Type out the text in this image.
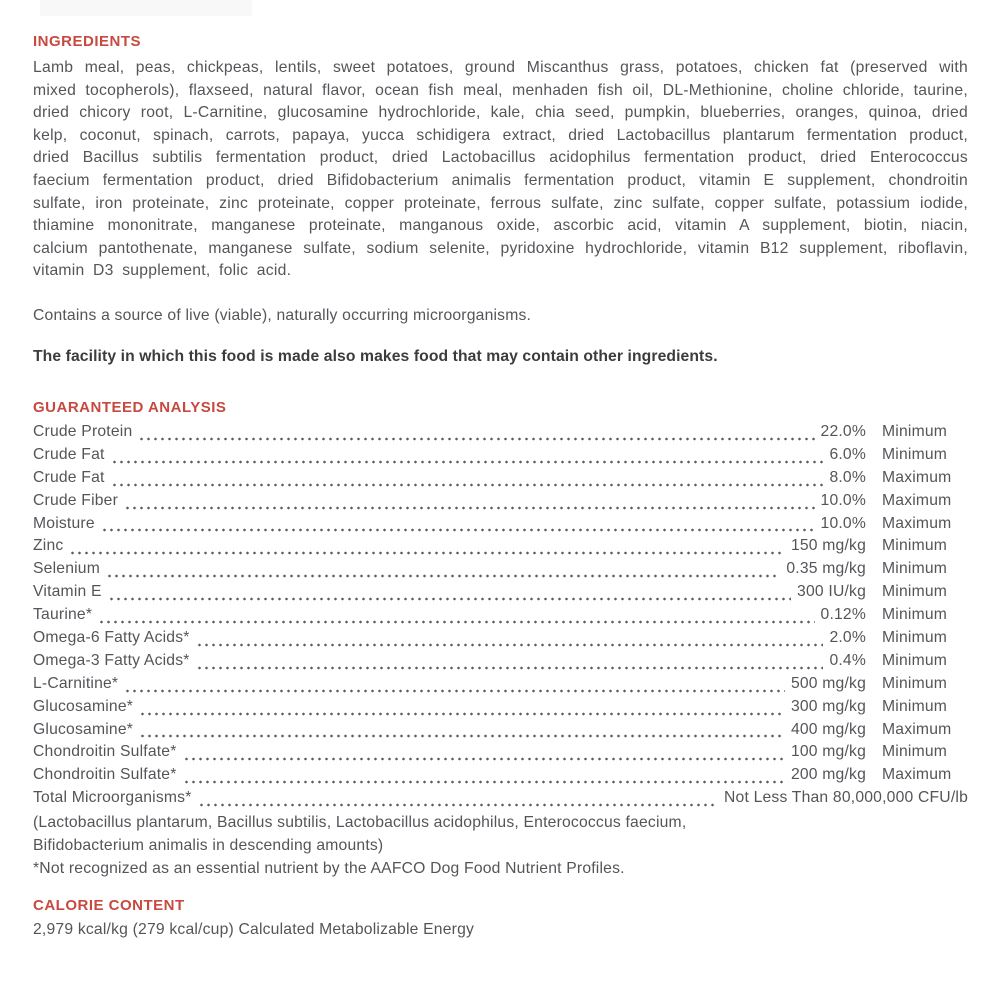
INGREDIENTS

Lamb meal, peas, chickpeas, lentils, sweet potatoes, ground Miscanthus grass, potatoes, chicken fat (preserved with mixed tocopherols), flaxseed, natural flavor, ocean fish meal, menhaden fish oil, DL-Methionine, choline chloride, taurine, dried chicory root, L-Carnitine, glucosamine hydrochloride, kale, chia seed, pumpkin, blueberries, oranges, quinoa, dried kelp, coconut, spinach, carrots, papaya, yucca schidigera extract, dried Lactobacillus plantarum fermentation product, dried Bacillus subtilis fermentation product, dried Lactobacillus acidophilus fermentation product, dried Enterococcus faecium fermentation product, dried Bifidobacterium animalis fermentation product, vitamin E supplement, chondroitin sulfate, iron proteinate, zinc proteinate, copper proteinate, ferrous sulfate, zinc sulfate, copper sulfate, potassium iodide, thiamine mononitrate, manganese proteinate, manganous oxide, ascorbic acid, vitamin A supplement, biotin, niacin, calcium pantothenate, manganese sulfate, sodium selenite, pyridoxine hydrochloride, vitamin B12 supplement, riboflavin, vitamin D3 supplement, folic acid.

Contains a source of live (viable), naturally occurring microorganisms.

The facility in which this food is made also makes food that may contain other ingredients.

GUARANTEED ANALYSIS
Crude Protein	22.0%	Minimum
Crude Fat	6.0%	Minimum
Crude Fat	8.0%	Maximum
Crude Fiber	10.0%	Maximum
Moisture	10.0%	Maximum
Zinc	150 mg/kg	Minimum
Selenium	0.35 mg/kg	Minimum
Vitamin E	300 IU/kg	Minimum
Taurine*	0.12%	Minimum
Omega-6 Fatty Acids*	2.0%	Minimum
Omega-3 Fatty Acids*	0.4%	Minimum
L-Carnitine*	500 mg/kg	Minimum
Glucosamine*	300 mg/kg	Minimum
Glucosamine*	400 mg/kg	Maximum
Chondroitin Sulfate*	100 mg/kg	Minimum
Chondroitin Sulfate*	200 mg/kg	Maximum
Total Microorganisms*	Not Less Than 80,000,000 CFU/lb

(Lactobacillus plantarum, Bacillus subtilis, Lactobacillus acidophilus, Enterococcus faecium,

Bifidobacterium animalis in descending amounts)

*Not recognized as an essential nutrient by the AAFCO Dog Food Nutrient Profiles.

CALORIE CONTENT

2,979 kcal/kg (279 kcal/cup) Calculated Metabolizable Energy
